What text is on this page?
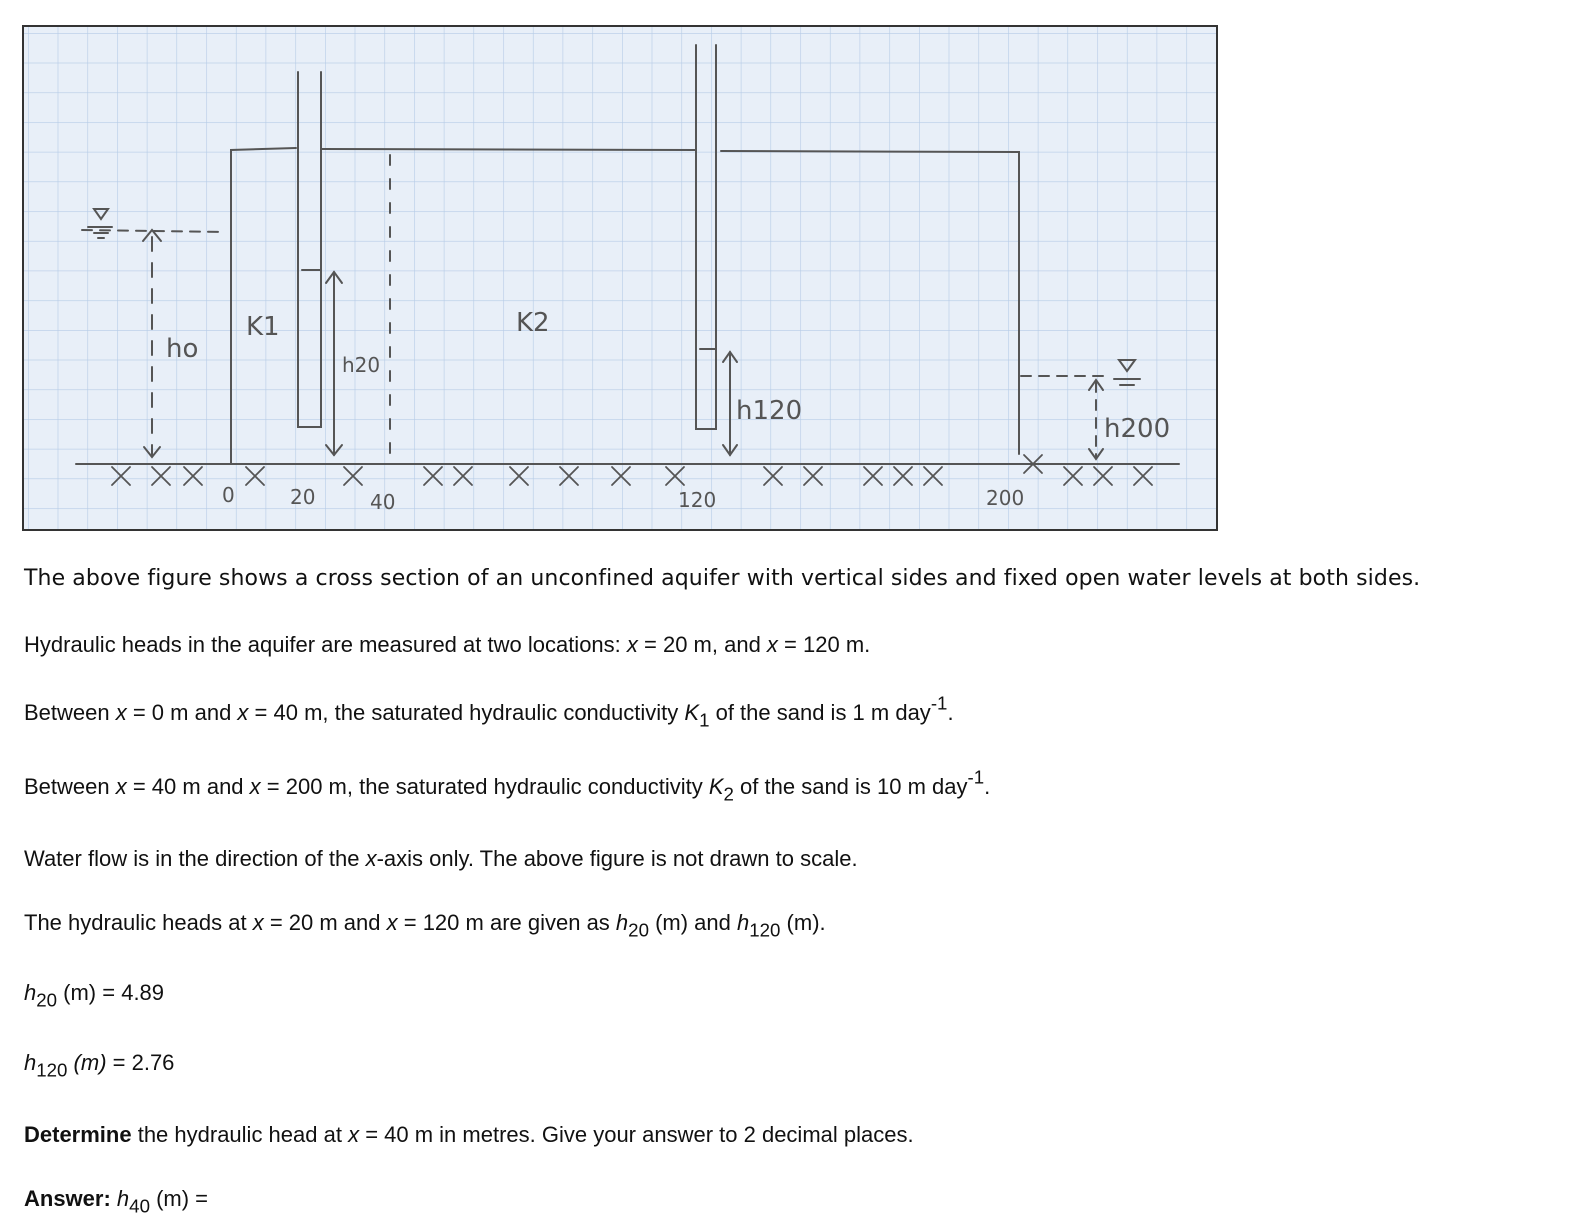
ho
K1	K2
h20
h120
h200
0	20	40	120	200

The above figure shows a cross section of an unconfined aquifer with vertical sides and fixed open water levels at both sides.

Hydraulic heads in the aquifer are measured at two locations: x = 20 m, and x = 120 m.

Between x = 0 m and x = 40 m, the saturated hydraulic conductivity $K_1$ of the sand is 1 m day$^{-1}$.

Between x = 40 m and x = 200 m, the saturated hydraulic conductivity $K_2$ of the sand is 10 m day$^{-1}$.

Water flow is in the direction of the x-axis only. The above figure is not drawn to scale.

The hydraulic heads at x = 20 m and x = 120 m are given as $h_{20}$ (m) and $h_{120}$ (m).

$h_{20}$ (m) = 4.89

$h_{120}$ (m) = 2.76

Determine the hydraulic head at x = 40 m in metres. Give your answer to 2 decimal places.

Answer: $h_{40}$ (m) =
